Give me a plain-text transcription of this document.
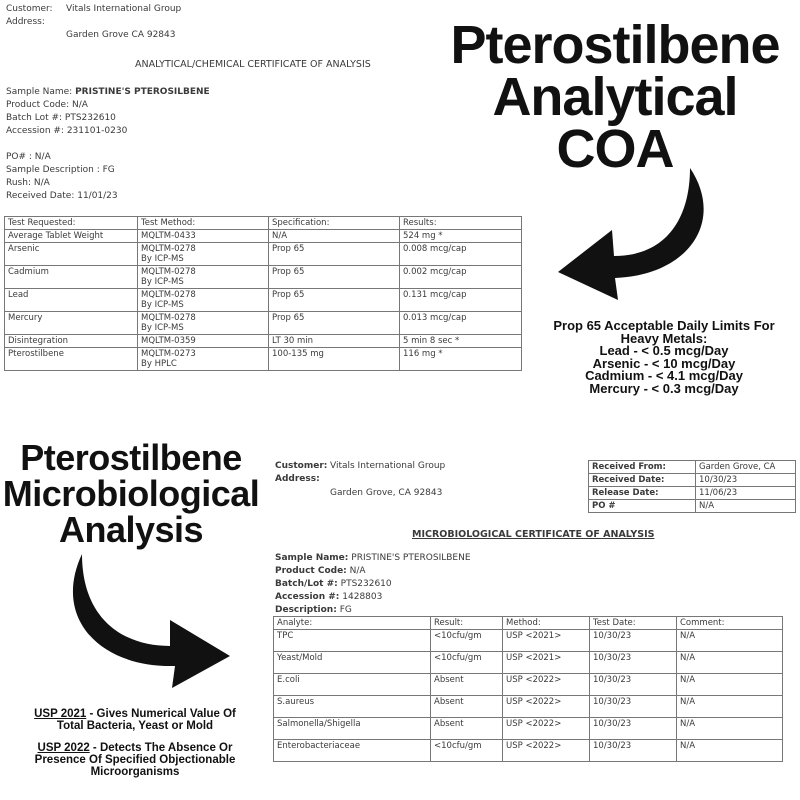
Customer: Vitals International Group
Address:
Garden Grove CA 92843
ANALYTICAL/CHEMICAL CERTIFICATE OF ANALYSIS
Sample Name: PRISTINE'S PTEROSILBENE
Product Code: N/A
Batch Lot #: PTS232610
Accession #: 231101-0230
PO# : N/A
Sample Description : FG
Rush: N/A
Received Date: 11/01/23
Test Requested:	Test Method:	Specification:	Results:
Average Tablet Weight	MQLTM-0433	N/A	524 mg *
Arsenic	MQLTM-0278
By ICP-MS	Prop 65	0.008 mcg/cap
Cadmium	MQLTM-0278
By ICP-MS	Prop 65	0.002 mcg/cap
Lead	MQLTM-0278
By ICP-MS	Prop 65	0.131 mcg/cap
Mercury	MQLTM-0278
By ICP-MS	Prop 65	0.013 mcg/cap
Disintegration	MQLTM-0359	LT 30 min	5 min 8 sec *
Pterostilbene	MQLTM-0273
By HPLC	100-135 mg	116 mg *
Pterostilbene
Analytical
COA
Prop 65 Acceptable Daily Limits For
Heavy Metals:
Lead - < 0.5 mcg/Day
Arsenic - < 10 mcg/Day
Cadmium - < 4.1 mcg/Day
Mercury - < 0.3 mcg/Day
Pterostilbene
Microbiological
Analysis
USP 2021 - Gives Numerical Value Of
Total Bacteria, Yeast or Mold
USP 2022 - Detects The Absence Or
Presence Of Specified Objectionable
Microorganisms
Customer: Vitals International Group
Address:
Garden Grove, CA 92843
Received From:	Garden Grove, CA
Received Date:	10/30/23
Release Date:	11/06/23
PO #	N/A
MICROBIOLOGICAL CERTIFICATE OF ANALYSIS
Sample Name: PRISTINE'S PTEROSILBENE
Product Code: N/A
Batch/Lot #: PTS232610
Accession #: 1428803
Description: FG
Analyte:	Result:	Method:	Test Date:	Comment:
TPC	<10cfu/gm	USP <2021>	10/30/23	N/A
Yeast/Mold	<10cfu/gm	USP <2021>	10/30/23	N/A
E.coli	Absent	USP <2022>	10/30/23	N/A
S.aureus	Absent	USP <2022>	10/30/23	N/A
Salmonella/Shigella	Absent	USP <2022>	10/30/23	N/A
Enterobacteriaceae	<10cfu/gm	USP <2022>	10/30/23	N/A
